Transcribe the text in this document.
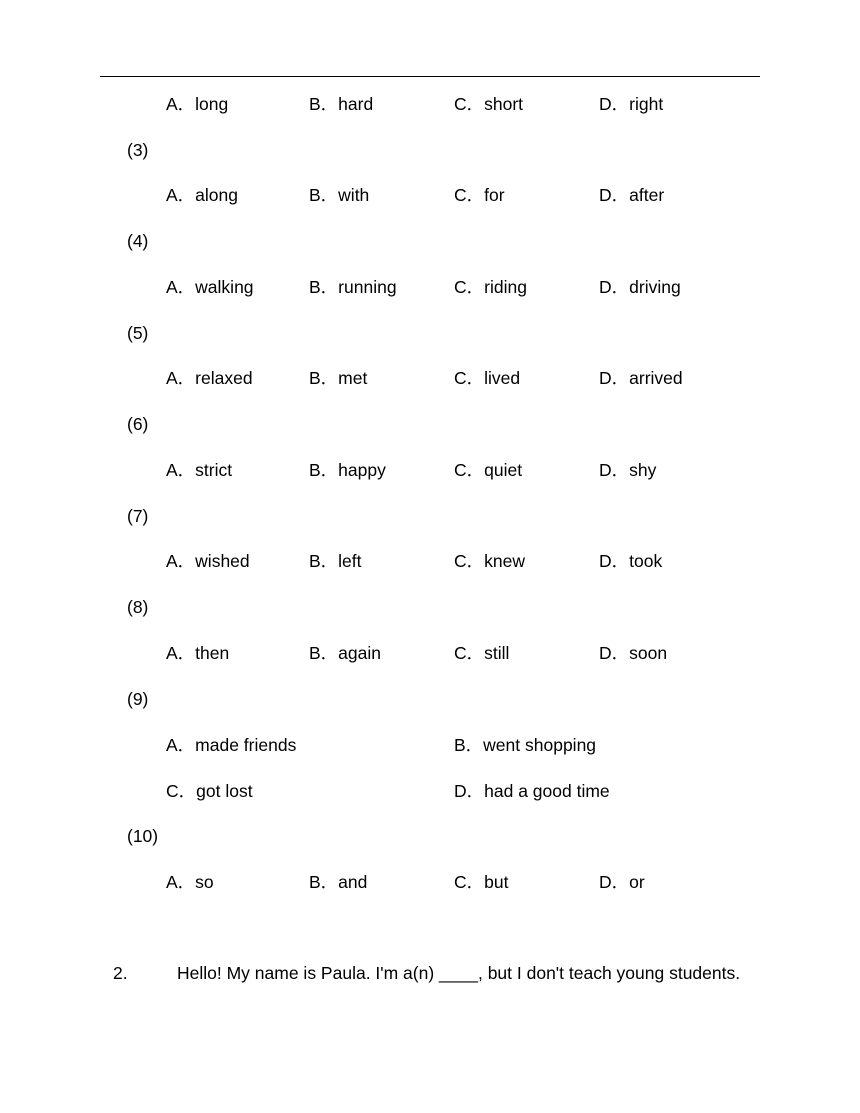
A．long	B．hard	C．short	D．right
(3)
A．along	B．with	C．for	D．after
(4)
A．walking	B．running	C．riding	D．driving
(5)
A．relaxed	B．met	C．lived	D．arrived
(6)
A．strict	B．happy	C．quiet	D．shy
(7)
A．wished	B．left	C．knew	D．took
(8)
A．then	B．again	C．still	D．soon
(9)
A．made friends	B．went shopping
C．got lost	D．had a good time
(10)
A．so	B．and	C．but	D．or
2.	Hello! My name is Paula. I'm a(n) ____, but I don't teach young students.
